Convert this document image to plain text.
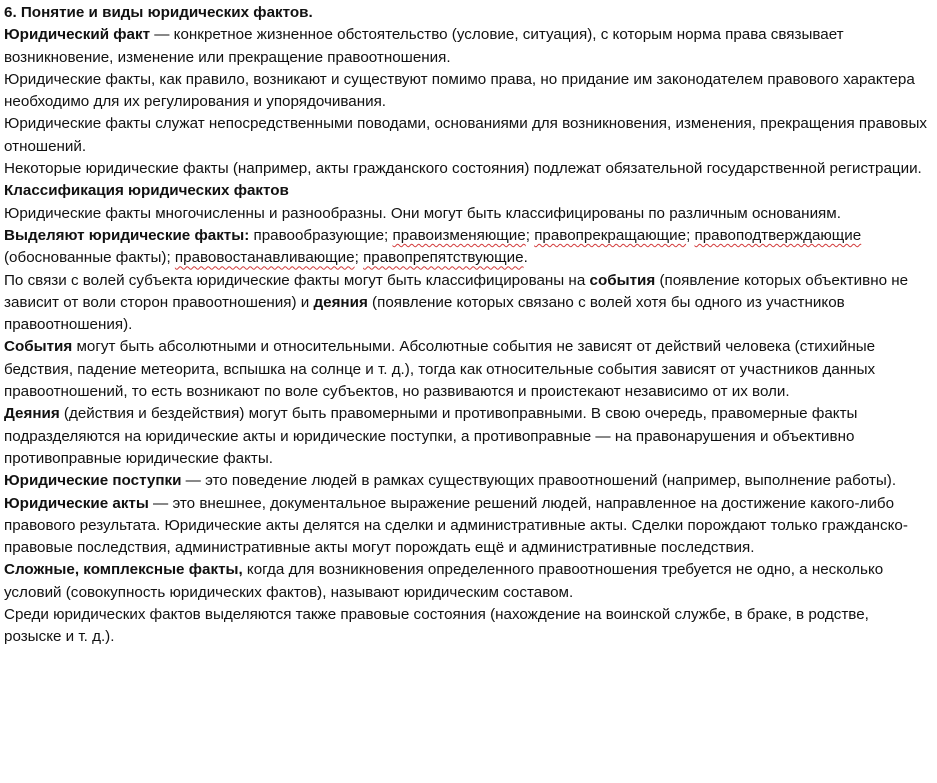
6. Понятие и виды юридических фактов.

Юридический факт — конкретное жизненное обстоятельство (условие, ситуация), с которым норма права связывает возникновение, изменение или прекращение правоотношения.

Юридические факты, как правило, возникают и существуют помимо права, но придание им законодателем правового характера необходимо для их регулирования и упорядочивания.

Юридические факты служат непосредственными поводами, основаниями для возникновения, изменения, прекращения правовых отношений.

Некоторые юридические факты (например, акты гражданского состояния) подлежат обязательной государственной регистрации.

Классификация юридических фактов

Юридические факты многочисленны и разнообразны. Они могут быть классифицированы по различным основаниям.

Выделяют юридические факты: правообразующие; правоизменяющие; правопрекращающие; правоподтверждающие (обоснованные факты); правовостанавливающие; правопрепятствующие.

По связи с волей субъекта юридические факты могут быть классифицированы на события (появление которых объективно не зависит от воли сторон правоотношения) и деяния (появление которых связано с волей хотя бы одного из участников правоотношения).

События могут быть абсолютными и относительными. Абсолютные события не зависят от действий человека (стихийные бедствия, падение метеорита, вспышка на солнце и т. д.), тогда как относительные события зависят от участников данных правоотношений, то есть возникают по воле субъектов, но развиваются и проистекают независимо от их воли.

Деяния (действия и бездействия) могут быть правомерными и противоправными. В свою очередь, правомерные факты подразделяются на юридические акты и юридические поступки, а противоправные — на правонарушения и объективно противоправные юридические факты.

Юридические поступки — это поведение людей в рамках существующих правоотношений (например, выполнение работы).

Юридические акты — это внешнее, документальное выражение решений людей, направленное на достижение какого-либо правового результата. Юридические акты делятся на сделки и административные акты. Сделки порождают только гражданско-правовые последствия, административные акты могут порождать ещё и административные последствия.

Сложные, комплексные факты, когда для возникновения определенного правоотношения требуется не одно, а несколько условий (совокупность юридических фактов), называют юридическим составом.

Среди юридических фактов выделяются также правовые состояния (нахождение на воинской службе, в браке, в родстве, розыске и т. д.).
